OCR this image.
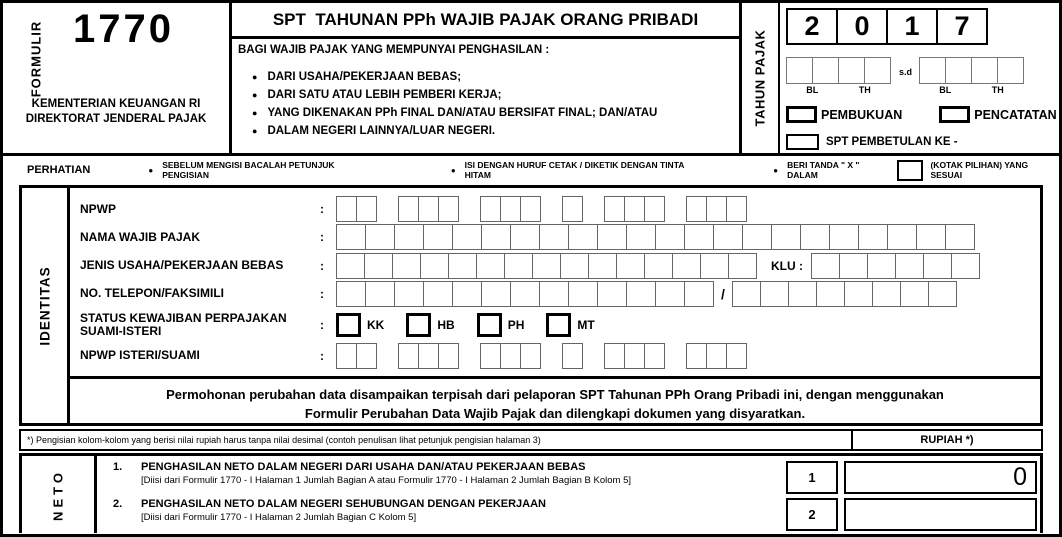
FORMULIR 1770
KEMENTERIAN KEUANGAN RI
DIREKTORAT JENDERAL PAJAK
SPT  TAHUNAN PPh WAJIB PAJAK ORANG PRIBADI
BAGI WAJIB PAJAK YANG MEMPUNYAI PENGHASILAN :
● DARI USAHA/PEKERJAAN BEBAS;
● DARI SATU ATAU LEBIH PEMBERI KERJA;
● YANG DIKENAKAN PPh FINAL DAN/ATAU BERSIFAT FINAL; DAN/ATAU
● DALAM NEGERI LAINNYA/LUAR NEGERI.
TAHUN PAJAK
2	0	1	7
BL	TH
s.d
BL	TH
PEMBUKUAN	PENCATATAN
SPT PEMBETULAN KE -
PERHATIAN	● SEBELUM MENGISI BACALAH PETUNJUK PENGISIAN	● ISI DENGAN HURUF CETAK / DIKETIK DENGAN TINTA HITAM	● BERI TANDA " X " DALAM
(KOTAK PILIHAN) YANG SESUAI
IDENTITAS
NPWP	:
NAMA WAJIB PAJAK	:
JENIS USAHA/PEKERJAAN BEBAS	:	KLU :
NO. TELEPON/FAKSIMILI	:	/
STATUS KEWAJIBAN PERPAJAKAN
SUAMI-ISTERI	:	KK	HB	PH	MT
NPWP ISTERI/SUAMI	:
Permohonan perubahan data disampaikan terpisah dari pelaporan SPT Tahunan PPh Orang Pribadi ini, dengan menggunakan
Formulir Perubahan Data Wajib Pajak dan dilengkapi dokumen yang disyaratkan.
*) Pengisian kolom-kolom yang berisi nilai rupiah harus tanpa nilai desimal (contoh penulisan lihat petunjuk pengisian halaman 3)	RUPIAH *)
NETO
1.	PENGHASILAN NETO DALAM NEGERI DARI USAHA DAN/ATAU PEKERJAAN BEBAS
[Diisi dari Formulir 1770 - I Halaman 1 Jumlah Bagian A atau Formulir 1770 - I Halaman 2 Jumlah Bagian B Kolom 5]	1	0
2.	PENGHASILAN NETO DALAM NEGERI SEHUBUNGAN DENGAN PEKERJAAN
[Diisi dari Formulir 1770 - I Halaman 2 Jumlah Bagian C Kolom 5]	2
